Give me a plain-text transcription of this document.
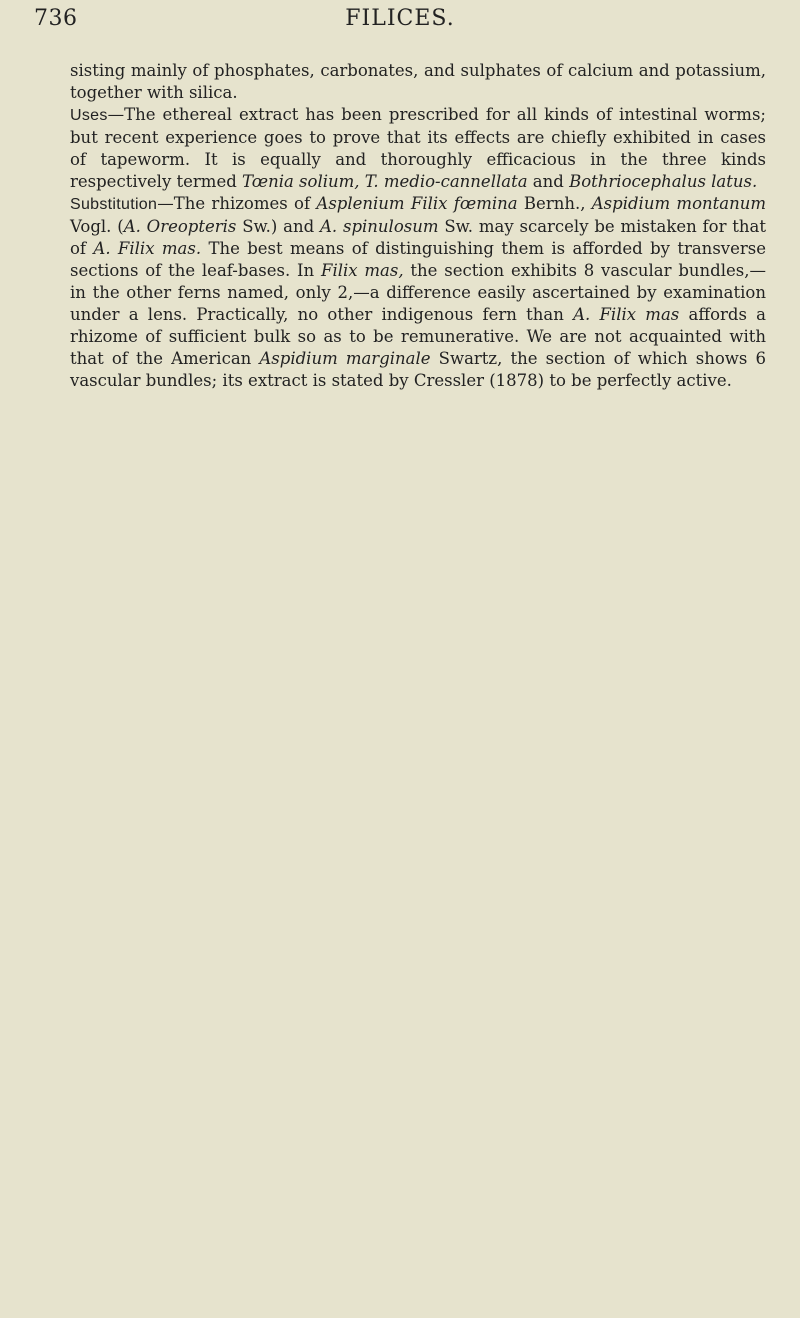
736	FILICES.

sisting mainly of phosphates, carbonates, and sulphates of calcium and potassium, together with silica.

Uses—The ethereal extract has been prescribed for all kinds of intestinal worms; but recent experience goes to prove that its effects are chiefly exhibited in cases of tapeworm. It is equally and thoroughly efficacious in the three kinds respectively termed Tœnia solium, T. medio-cannellata and Bothriocephalus latus.

Substitution—The rhizomes of Asplenium Filix fœmina Bernh., Aspidium montanum Vogl. (A. Oreopteris Sw.) and A. spinulosum Sw. may scarcely be mistaken for that of A. Filix mas. The best means of distinguishing them is afforded by transverse sections of the leaf-bases. In Filix mas, the section exhibits 8 vascular bundles,— in the other ferns named, only 2,—a difference easily ascertained by examination under a lens. Practically, no other indigenous fern than A. Filix mas affords a rhizome of sufficient bulk so as to be remunerative. We are not acquainted with that of the American Aspidium marginale Swartz, the section of which shows 6 vascular bundles; its extract is stated by Cressler (1878) to be perfectly active.
